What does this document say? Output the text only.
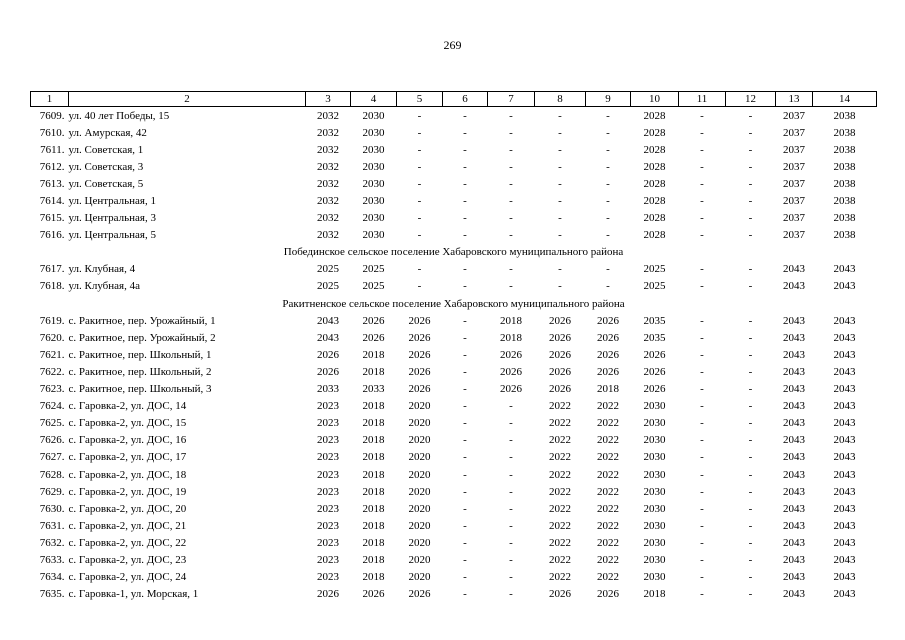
269
1	2	3	4	5	6	7	8	9	10	11	12	13	14
7609. ул. 40 лет Победы, 15		2032	2030	-	-	-	-	-	2028	-	-	2037	2038
7610. ул. Амурская, 42		2032	2030	-	-	-	-	-	2028	-	-	2037	2038
7611. ул. Советская, 1		2032	2030	-	-	-	-	-	2028	-	-	2037	2038
7612. ул. Советская, 3		2032	2030	-	-	-	-	-	2028	-	-	2037	2038
7613. ул. Советская, 5		2032	2030	-	-	-	-	-	2028	-	-	2037	2038
7614. ул. Центральная, 1		2032	2030	-	-	-	-	-	2028	-	-	2037	2038
7615. ул. Центральная, 3		2032	2030	-	-	-	-	-	2028	-	-	2037	2038
7616. ул. Центральная, 5		2032	2030	-	-	-	-	-	2028	-	-	2037	2038
Побединское сельское поселение Хабаровского муниципального района													
7617. ул. Клубная, 4		2025	2025	-	-	-	-	-	2025	-	-	2043	2043
7618. ул. Клубная, 4а		2025	2025	-	-	-	-	-	2025	-	-	2043	2043
Ракитненское сельское поселение Хабаровского муниципального района													
7619. с. Ракитное, пер. Урожайный, 1		2043	2026	2026	-	2018	2026	2026	2035	-	-	2043	2043
7620. с. Ракитное, пер. Урожайный, 2		2043	2026	2026	-	2018	2026	2026	2035	-	-	2043	2043
7621. с. Ракитное, пер. Школьный, 1		2026	2018	2026	-	2026	2026	2026	2026	-	-	2043	2043
7622. с. Ракитное, пер. Школьный, 2		2026	2018	2026	-	2026	2026	2026	2026	-	-	2043	2043
7623. с. Ракитное, пер. Школьный, 3		2033	2033	2026	-	2026	2026	2018	2026	-	-	2043	2043
7624. с. Гаровка-2, ул. ДОС, 14		2023	2018	2020	-	-	2022	2022	2030	-	-	2043	2043
7625. с. Гаровка-2, ул. ДОС, 15		2023	2018	2020	-	-	2022	2022	2030	-	-	2043	2043
7626. с. Гаровка-2, ул. ДОС, 16		2023	2018	2020	-	-	2022	2022	2030	-	-	2043	2043
7627. с. Гаровка-2, ул. ДОС, 17		2023	2018	2020	-	-	2022	2022	2030	-	-	2043	2043
7628. с. Гаровка-2, ул. ДОС, 18		2023	2018	2020	-	-	2022	2022	2030	-	-	2043	2043
7629. с. Гаровка-2, ул. ДОС, 19		2023	2018	2020	-	-	2022	2022	2030	-	-	2043	2043
7630. с. Гаровка-2, ул. ДОС, 20		2023	2018	2020	-	-	2022	2022	2030	-	-	2043	2043
7631. с. Гаровка-2, ул. ДОС, 21		2023	2018	2020	-	-	2022	2022	2030	-	-	2043	2043
7632. с. Гаровка-2, ул. ДОС, 22		2023	2018	2020	-	-	2022	2022	2030	-	-	2043	2043
7633. с. Гаровка-2, ул. ДОС, 23		2023	2018	2020	-	-	2022	2022	2030	-	-	2043	2043
7634. с. Гаровка-2, ул. ДОС, 24		2023	2018	2020	-	-	2022	2022	2030	-	-	2043	2043
7635. с. Гаровка-1, ул. Морская, 1		2026	2026	2026	-	-	2026	2026	2018	-	-	2043	2043
